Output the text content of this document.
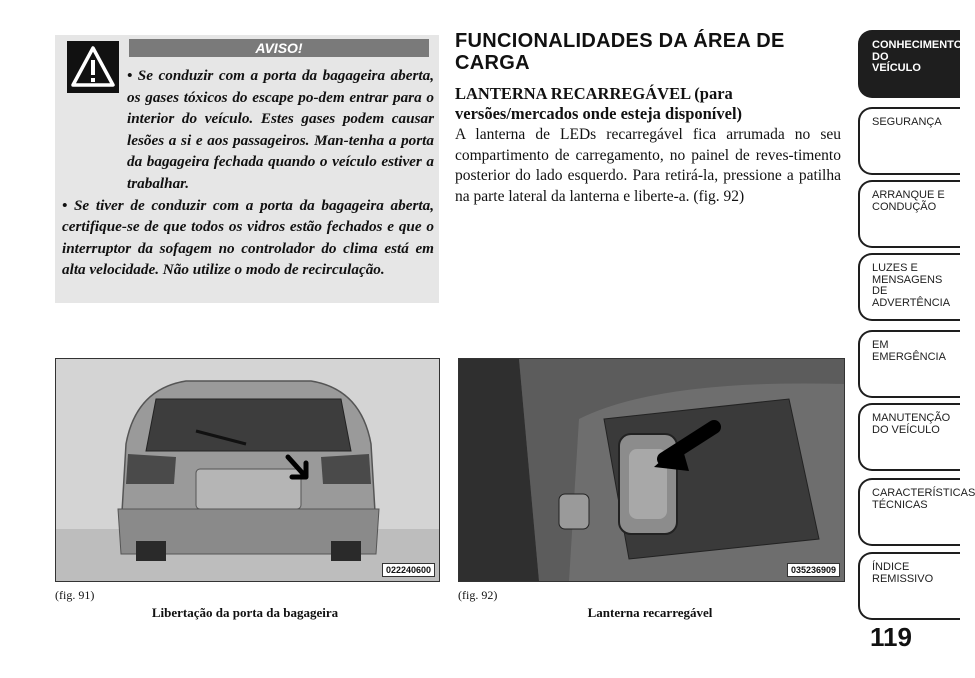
AVISO!

• Se conduzir com a porta da bagageira aberta, os gases tóxicos do escape po-dem entrar para o interior do veículo. Estes gases podem causar lesões a si e aos passageiros. Man-tenha a porta da bagageira fechada quando o veículo estiver a trabalhar.

• Se tiver de conduzir com a porta da bagageira aberta, certifique-se de que todos os vidros estão fechados e que o interruptor da sofagem no controlador do clima está em alta velocidade. Não utilize o modo de recirculação.

FUNCIONALIDADES DA ÁREA DE CARGA
LANTERNA RECARREGÁVEL (para versões/mercados onde esteja disponível)

A lanterna de LEDs recarregável fica arrumada no seu compartimento de carregamento, no painel de reves-timento posterior do lado esquerdo. Para retirá-la, pressione a patilha na parte lateral da lanterna e liberte-a. (fig. 92)

022240600
(fig. 91)
Libertação da porta da bagageira
035236909
(fig. 92)
Lanterna recarregável
CONHECIMENTO
DO
VEÍCULO
SEGURANÇA
ARRANQUE E
CONDUÇÃO
LUZES E
MENSAGENS
DE
ADVERTÊNCIA
EM
EMERGÊNCIA
MANUTENÇÃO
DO VEÍCULO
CARACTERÍSTICAS
TÉCNICAS
ÍNDICE
REMISSIVO
119
